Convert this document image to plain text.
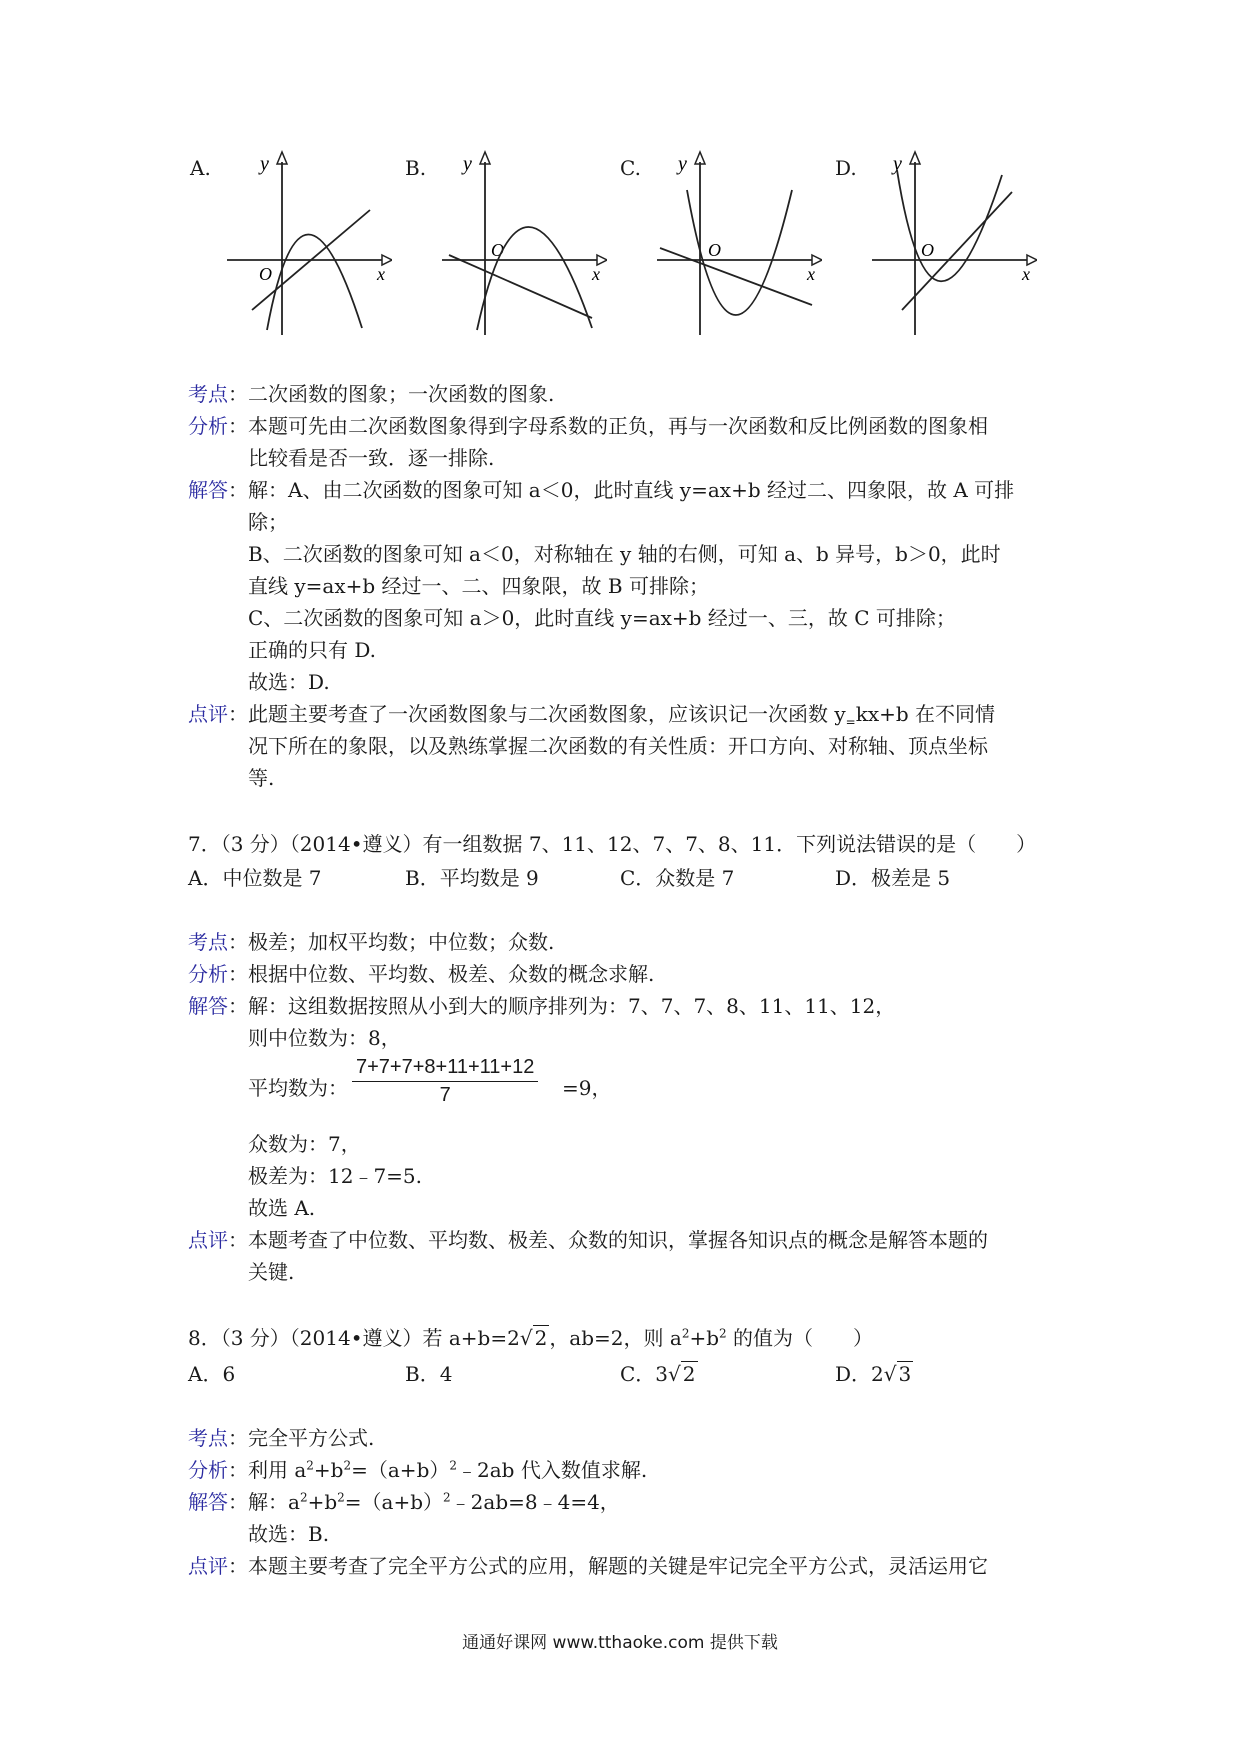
A.	B.	C.	D.
y
x
O
y
x
O
y
x
O
y
x
O
考点：二次函数的图象；一次函数的图象.
分析：本题可先由二次函数图象得到字母系数的正负，再与一次函数和反比例函数的图象相
比较看是否一致．逐一排除.
解答：解：A、由二次函数的图象可知 a＜0，此时直线 y=ax+b 经过二、四象限，故 A 可排
除；
B、二次函数的图象可知 a＜0，对称轴在 y 轴的右侧，可知 a、b 异号，b＞0，此时
直线 y=ax+b 经过一、二、四象限，故 B 可排除；
C、二次函数的图象可知 a＞0，此时直线 y=ax+b 经过一、三，故 C 可排除；
正确的只有 D.
故选：D.
点评：此题主要考查了一次函数图象与二次函数图象，应该识记一次函数 $y_=kx+b$ 在不同情
况下所在的象限，以及熟练掌握二次函数的有关性质：开口方向、对称轴、顶点坐标
等.
7．（3 分）（2014•遵义）有一组数据 7、11、12、7、7、8、11．下列说法错误的是（　　）
A．中位数是 7	B．平均数是 9	C．众数是 7	D．极差是 5
考点：极差；加权平均数；中位数；众数.
分析：根据中位数、平均数、极差、众数的概念求解.
解答：解：这组数据按照从小到大的顺序排列为：7、7、7、8、11、11、12，
则中位数为：8，
平均数为： $\frac{7+7+7+8+11+11+12}{7} =9$，
众数为：7，
极差为：12﹣7=5.
故选 A.
点评：本题考查了中位数、平均数、极差、众数的知识，掌握各知识点的概念是解答本题的
关键.
8．（3 分）（2014•遵义）若 a+b=2√ 2 ，ab=2，则 $a^2+b^2$ 的值为（　　）
A．6	B．4	C．3√ 2	D．2√ 3
考点：完全平方公式.
分析：利用 $a^2+b^2=(a+b)^2﹣2ab$ 代入数值求解.
解答：解：$a^2+b^2=(a+b)^2﹣2ab=8﹣4=4$，
故选：B.
点评：本题主要考查了完全平方公式的应用，解题的关键是牢记完全平方公式，灵活运用它
通通好课网 www.tthaoke.com 提供下载
